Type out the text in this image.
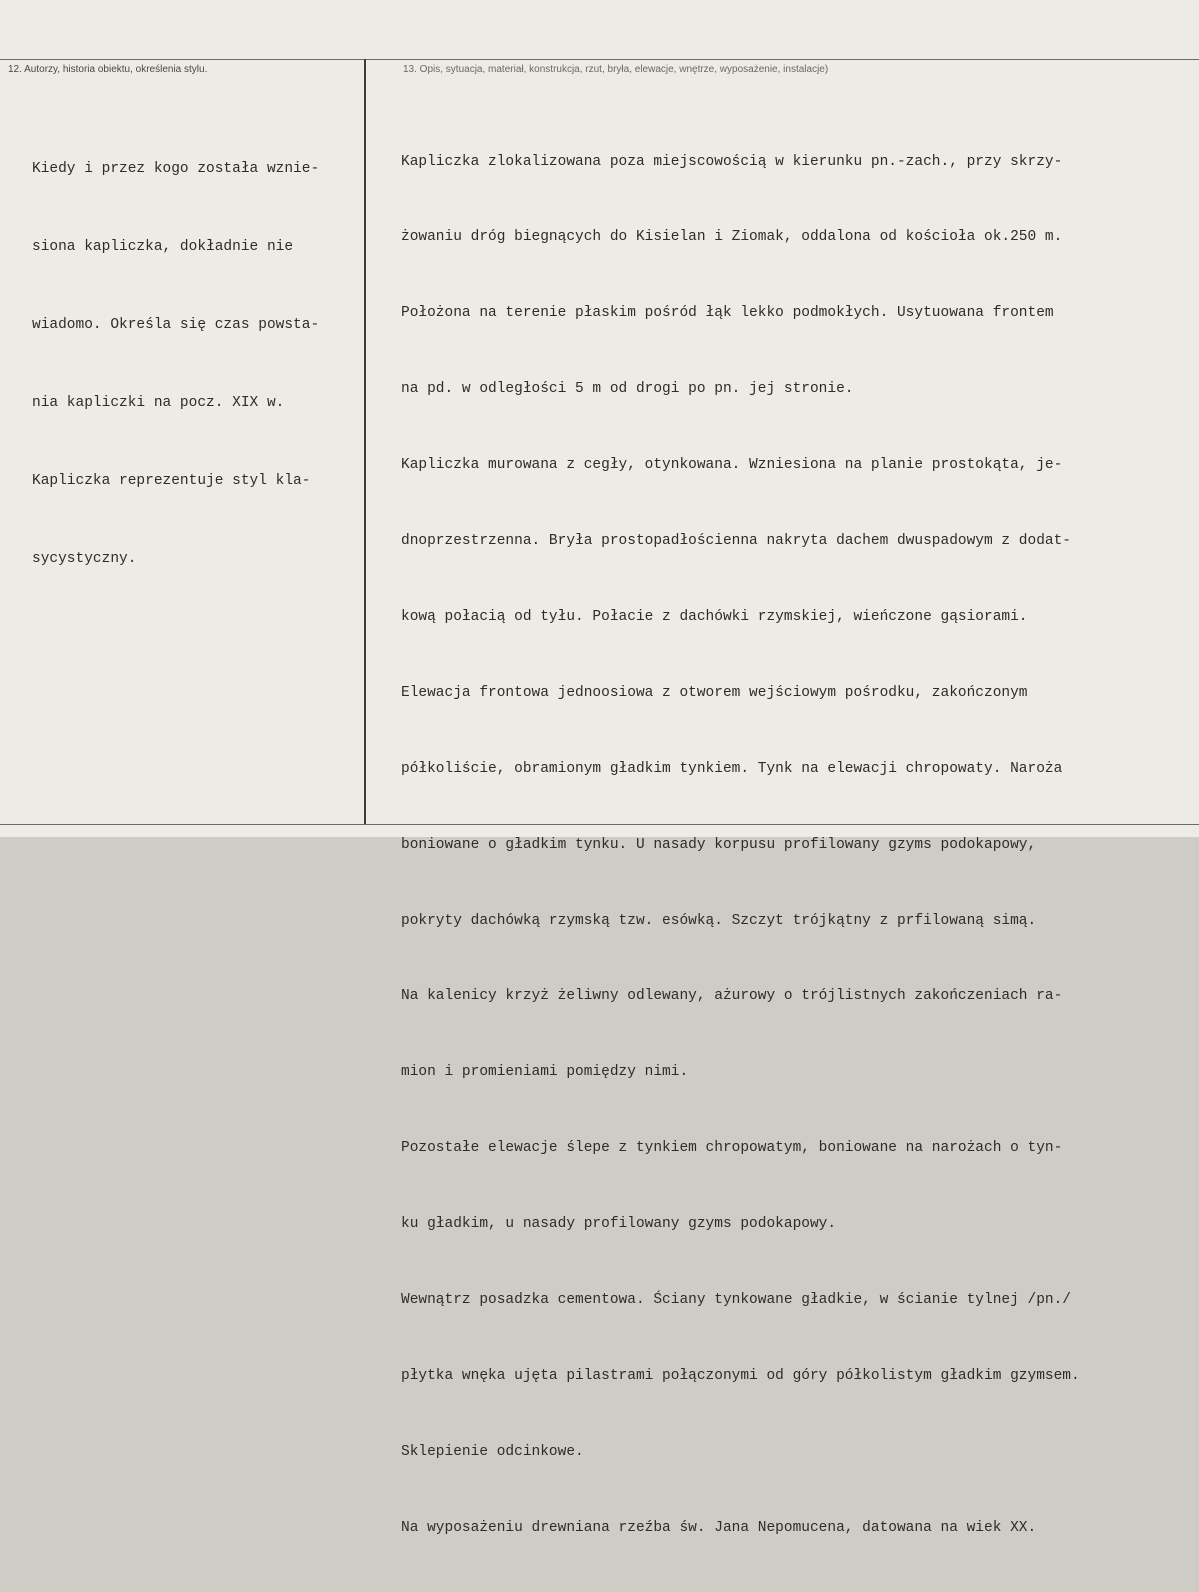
12. Autorzy, historia obiektu, określenia stylu.	13. Opis, sytuacja, materiał, konstrukcja, rzut, bryła, elewacje, wnętrze, wyposażenie, instalacje)

Kiedy i przez kogo została wznie-

siona kapliczka, dokładnie nie

wiadomo. Określa się czas powsta-

nia kapliczki na pocz. XIX w.

Kapliczka reprezentuje styl kla-

sycystyczny.

Kapliczka zlokalizowana poza miejscowością w kierunku pn.-zach., przy skrzy-

żowaniu dróg biegnących do Kisielan i Ziomak, oddalona od kościoła ok.250 m.

Położona na terenie płaskim pośród łąk lekko podmokłych. Usytuowana frontem

na pd. w odległości 5 m od drogi po pn. jej stronie.

Kapliczka murowana z cegły, otynkowana. Wzniesiona na planie prostokąta, je-

dnoprzestrzenna. Bryła prostopadłościenna nakryta dachem dwuspadowym z dodat-

kową połacią od tyłu. Połacie z dachówki rzymskiej, wieńczone gąsiorami.

Elewacja frontowa jednoosiowa z otworem wejściowym pośrodku, zakończonym

półkoliście, obramionym gładkim tynkiem. Tynk na elewacji chropowaty. Naroża

boniowane o gładkim tynku. U nasady korpusu profilowany gzyms podokapowy,

pokryty dachówką rzymską tzw. esówką. Szczyt trójkątny z prfilowaną simą.

Na kalenicy krzyż żeliwny odlewany, ażurowy o trójlistnych zakończeniach ra-

mion i promieniami pomiędzy nimi.

Pozostałe elewacje ślepe z tynkiem chropowatym, boniowane na narożach o tyn-

ku gładkim, u nasady profilowany gzyms podokapowy.

Wewnątrz posadzka cementowa. Ściany tynkowane gładkie, w ścianie tylnej /pn./

płytka wnęka ujęta pilastrami połączonymi od góry półkolistym gładkim gzymsem.

Sklepienie odcinkowe.

Na wyposażeniu drewniana rzeźba św. Jana Nepomucena, datowana na wiek XX.
